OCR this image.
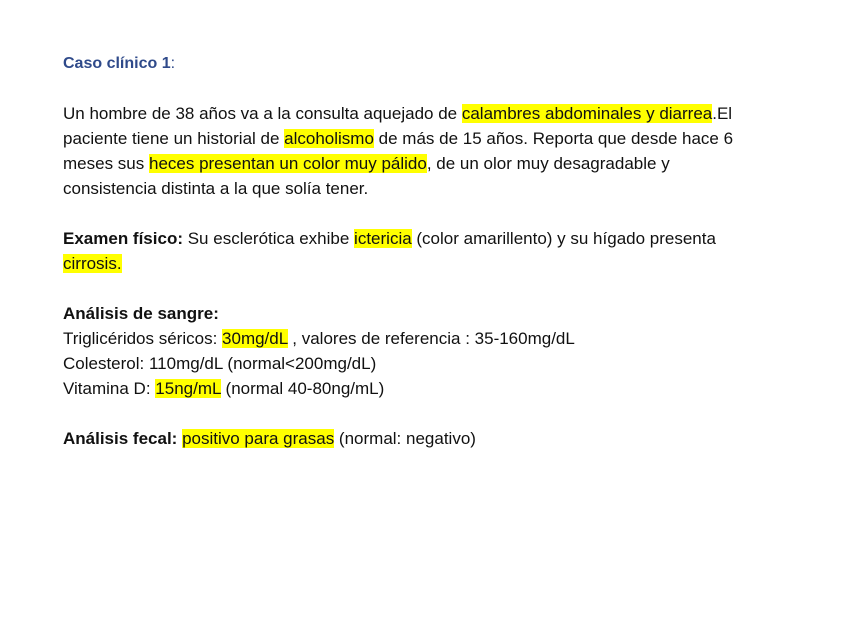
Caso clínico 1:

Un hombre de 38 años va a la consulta aquejado de calambres abdominales y diarrea.El paciente tiene un historial de alcoholismo de más de 15 años. Reporta que desde hace 6 meses sus heces presentan un color muy pálido, de un olor muy desagradable y consistencia distinta a la que solía tener.

Examen físico: Su esclerótica exhibe ictericia (color amarillento) y su hígado presenta cirrosis.

Análisis de sangre:

Triglicéridos séricos: 30mg/dL , valores de referencia : 35-160mg/dL

Colesterol: 110mg/dL (normal<200mg/dL)

Vitamina D: 15ng/mL (normal 40-80ng/mL)

Análisis fecal: positivo para grasas (normal: negativo)
